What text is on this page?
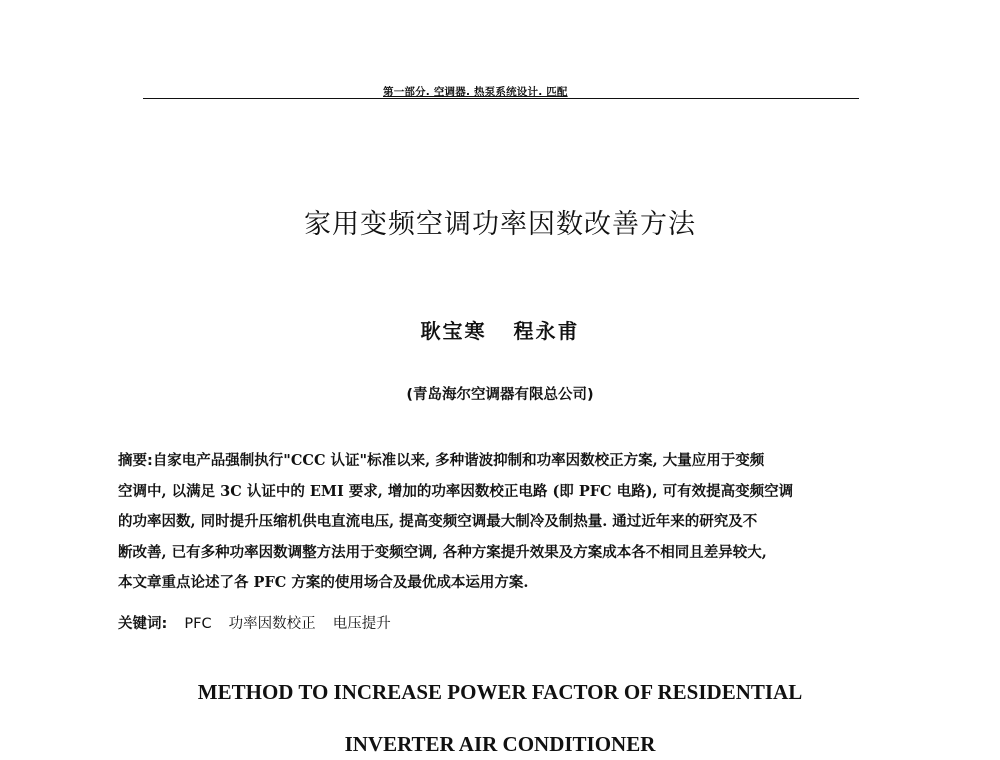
第一部分. 空调器. 热泵系统设计. 匹配
家用变频空调功率因数改善方法
耿宝寒 程永甫
(青岛海尔空调器有限总公司)
摘要:自家电产品强制执行"CCC 认证"标准以来, 多种谐波抑制和功率因数校正方案, 大量应用于变频
空调中, 以满足 3C 认证中的 EMI 要求, 增加的功率因数校正电路 (即 PFC 电路), 可有效提高变频空调
的功率因数, 同时提升压缩机供电直流电压, 提高变频空调最大制冷及制热量. 通过近年来的研究及不
断改善, 已有多种功率因数调整方法用于变频空调, 各种方案提升效果及方案成本各不相同且差异较大,
本文章重点论述了各 PFC 方案的使用场合及最优成本运用方案.
关键词: PFC 功率因数校正 电压提升
METHOD TO INCREASE POWER FACTOR OF RESIDENTIAL
INVERTER AIR CONDITIONER
